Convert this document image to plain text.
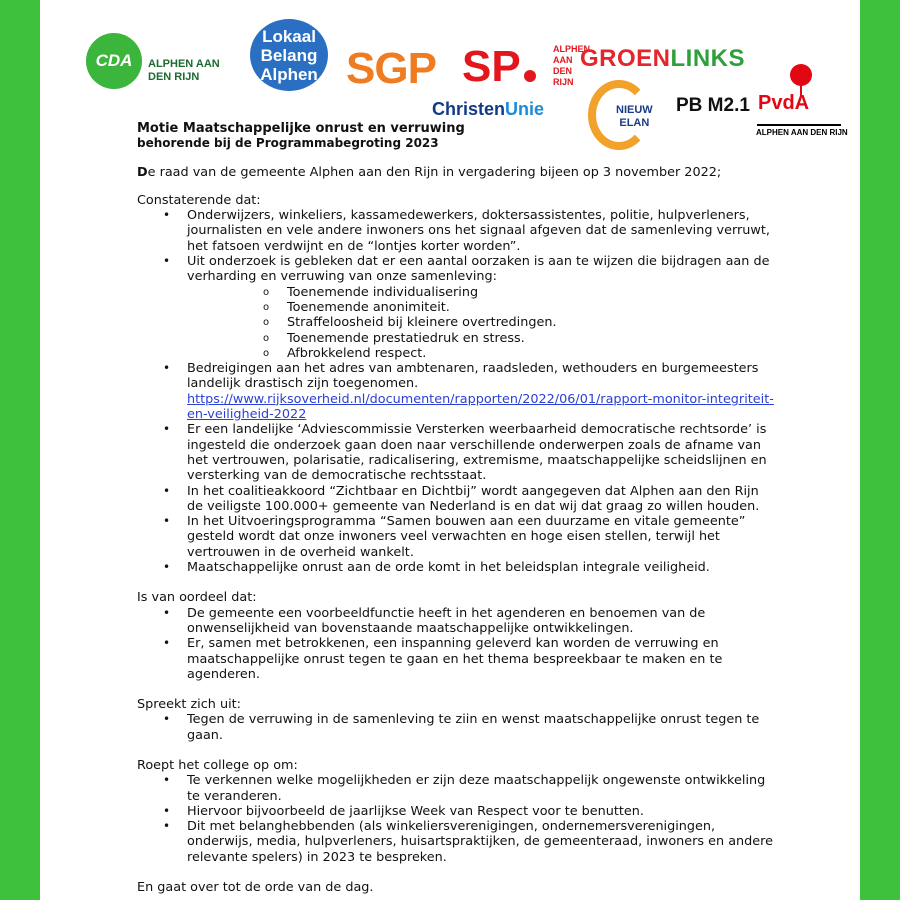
CDA	ALPHEN AAN
DEN RIJN
Lokaal
Belang
Alphen SGP SP	ALPHEN
AAN
DEN
RIJN
GROENLINKS
ChristenUnie	NIEUW
ELAN
PB M2.1 PvdA
ALPHEN AAN DEN RIJN

Motie Maatschappelijke onrust en verruwing

behorende bij de Programmabegroting 2023

De raad van de gemeente Alphen aan den Rijn in vergadering bijeen op 3 november 2022;

Constaterende dat:

• Onderwijzers, winkeliers, kassamedewerkers, doktersassistentes, politie, hulpverleners, journalisten en vele andere inwoners ons het signaal afgeven dat de samenleving verruwt, het fatsoen verdwijnt en de “lontjes korter worden”.
• Uit onderzoek is gebleken dat er een aantal oorzaken is aan te wijzen die bijdragen aan de verharding en verruwing van onze samenleving:
o Toenemende individualisering
o Toenemende anonimiteit.
o Straffeloosheid bij kleinere overtredingen.
o Toenemende prestatiedruk en stress.
o Afbrokkelend respect.
• Bedreigingen aan het adres van ambtenaren, raadsleden, wethouders en burgemeesters landelijk drastisch zijn toegenomen.
https://www.rijksoverheid.nl/documenten/rapporten/2022/06/01/rapport-monitor-integriteit-en-veiligheid-2022
• Er een landelijke ‘Adviescommissie Versterken weerbaarheid democratische rechtsorde’ is ingesteld die onderzoek gaan doen naar verschillende onderwerpen zoals de afname van het vertrouwen, polarisatie, radicalisering, extremisme, maatschappelijke scheidslijnen en versterking van de democratische rechtsstaat.
• In het coalitieakkoord “Zichtbaar en Dichtbij” wordt aangegeven dat Alphen aan den Rijn de veiligste 100.000+ gemeente van Nederland is en dat wij dat graag zo willen houden.
• In het Uitvoeringsprogramma “Samen bouwen aan een duurzame en vitale gemeente” gesteld wordt dat onze inwoners veel verwachten en hoge eisen stellen, terwijl het vertrouwen in de overheid wankelt.
• Maatschappelijke onrust aan de orde komt in het beleidsplan integrale veiligheid.

Is van oordeel dat:

• De gemeente een voorbeeldfunctie heeft in het agenderen en benoemen van de onwenselijkheid van bovenstaande maatschappelijke ontwikkelingen.
• Er, samen met betrokkenen, een inspanning geleverd kan worden de verruwing en maatschappelijke onrust tegen te gaan en het thema bespreekbaar te maken en te agenderen.

Spreekt zich uit:

• Tegen de verruwing in de samenleving te ziin en wenst maatschappelijke onrust tegen te gaan.

Roept het college op om:

• Te verkennen welke mogelijkheden er zijn deze maatschappelijk ongewenste ontwikkeling te veranderen.
• Hiervoor bijvoorbeeld de jaarlijkse Week van Respect voor te benutten.
• Dit met belanghebbenden (als winkeliersverenigingen, ondernemersverenigingen, onderwijs, media, hulpverleners, huisartspraktijken, de gemeenteraad, inwoners en andere relevante spelers) in 2023 te bespreken.

En gaat over tot de orde van de dag.
